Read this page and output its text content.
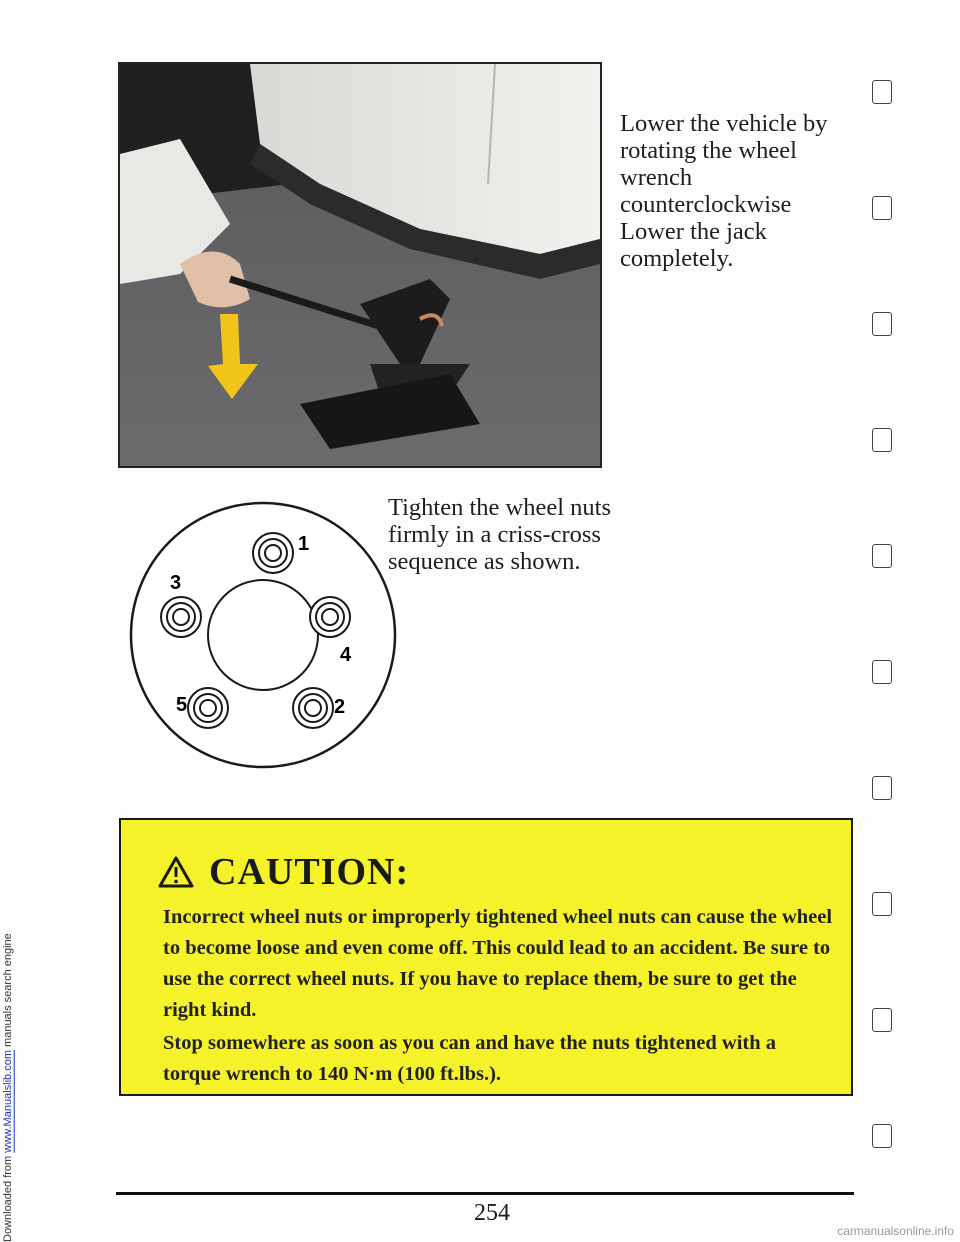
Downloaded from www.Manualslib.com manuals search engine
Lower the vehicle by rotating the wheel wrench counterclockwise Lower the jack completely.
1
2
3
4
5
Tighten the wheel nuts firmly in a criss-cross sequence as shown.
CAUTION:
Incorrect wheel nuts or improperly tightened wheel nuts can cause the wheel to become loose and even come off. This could lead to an accident. Be sure to use the correct wheel nuts. If you have to replace them, be sure to get the right kind.
Stop somewhere as soon as you can and have the nuts tightened with a torque wrench to 140 N·m (100 ft.lbs.).
254
carmanualsonline.info
